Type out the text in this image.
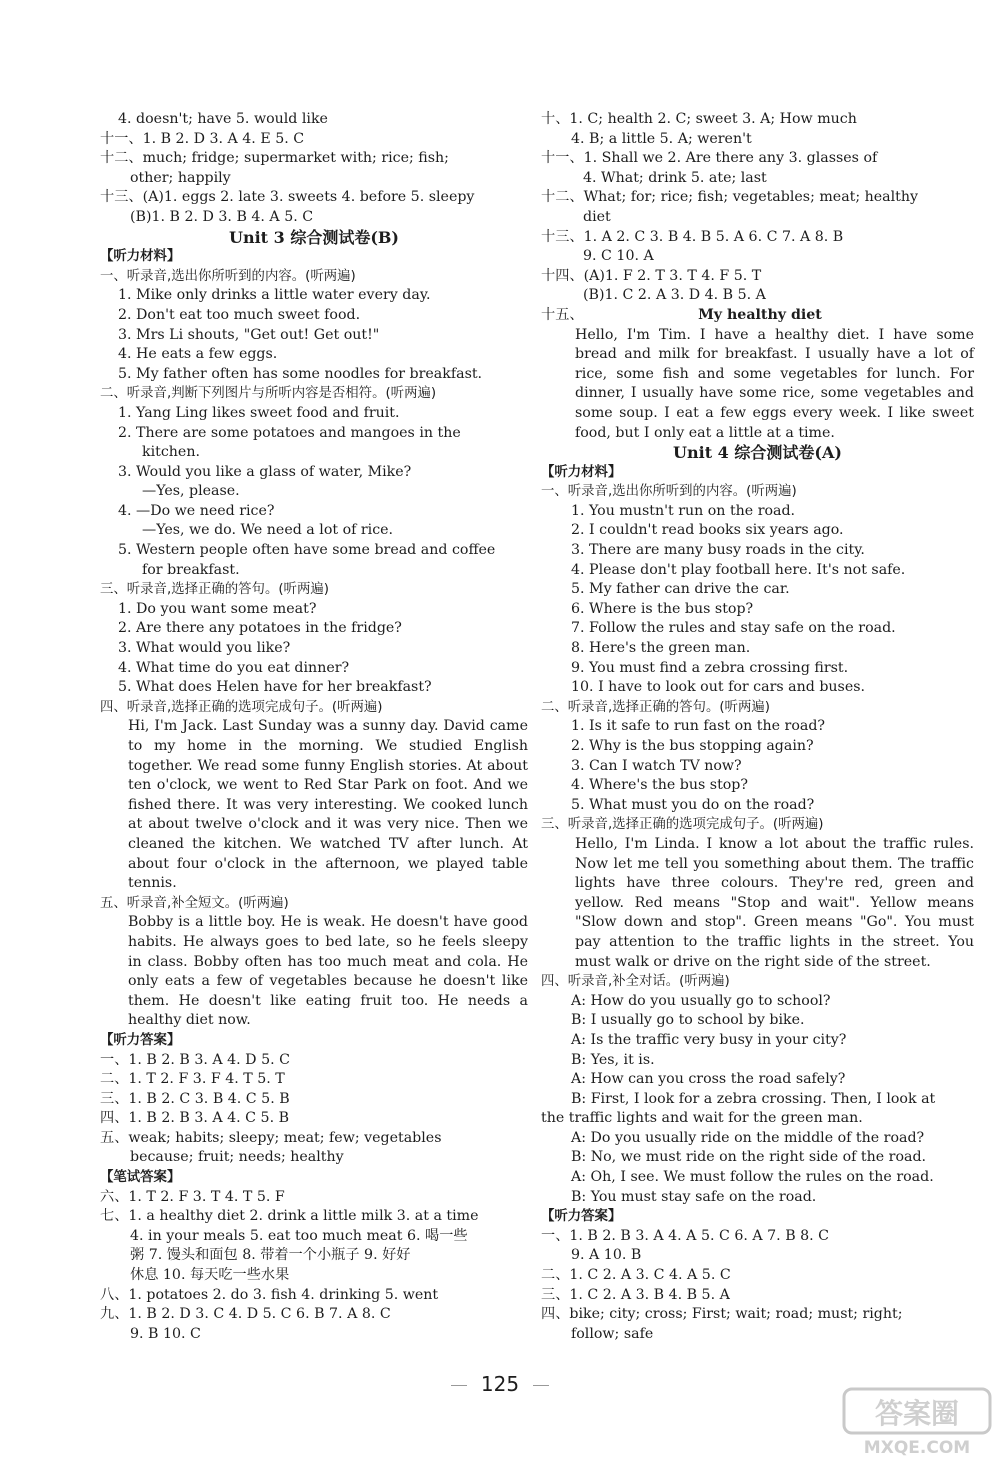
4. doesn't; have 5. would like
十一、1. B 2. D 3. A 4. E 5. C
十二、much; fridge; supermarket with; rice; fish;
other; happily
十三、(A)1. eggs 2. late 3. sweets 4. before 5. sleepy
(B)1. B 2. D 3. B 4. A 5. C
Unit 3 综合测试卷(B)
【听力材料】
一、听录音,选出你所听到的内容。(听两遍)
1. Mike only drinks a little water every day.
2. Don't eat too much sweet food.
3. Mrs Li shouts, "Get out! Get out!"
4. He eats a few eggs.
5. My father often has some noodles for breakfast.
二、听录音,判断下列图片与所听内容是否相符。(听两遍)
1. Yang Ling likes sweet food and fruit.
2. There are some potatoes and mangoes in the
kitchen.
3. Would you like a glass of water, Mike?
—Yes, please.
4. —Do we need rice?
—Yes, we do. We need a lot of rice.
5. Western people often have some bread and coffee
for breakfast.
三、听录音,选择正确的答句。(听两遍)
1. Do you want some meat?
2. Are there any potatoes in the fridge?
3. What would you like?
4. What time do you eat dinner?
5. What does Helen have for her breakfast?
四、听录音,选择正确的选项完成句子。(听两遍)
Hi, I'm Jack. Last Sunday was a sunny day. David came to my home in the morning. We studied English together. We read some funny English stories. At about ten o'clock, we went to Red Star Park on foot. And we fished there. It was very interesting. We cooked lunch at about twelve o'clock and it was very nice. Then we cleaned the kitchen. We watched TV after lunch. At about four o'clock in the afternoon, we played table tennis.
五、听录音,补全短文。(听两遍)
Bobby is a little boy. He is weak. He doesn't have good habits. He always goes to bed late, so he feels sleepy in class. Bobby often has too much meat and cola. He only eats a few of vegetables because he doesn't like them. He doesn't like eating fruit too. He needs a healthy diet now.
【听力答案】
一、1. B 2. B 3. A 4. D 5. C
二、1. T 2. F 3. F 4. T 5. T
三、1. B 2. C 3. B 4. C 5. B
四、1. B 2. B 3. A 4. C 5. B
五、weak; habits; sleepy; meat; few; vegetables
because; fruit; needs; healthy
【笔试答案】
六、1. T 2. F 3. T 4. T 5. F
七、1. a healthy diet 2. drink a little milk 3. at a time
4. in your meals 5. eat too much meat 6. 喝一些
粥 7. 馒头和面包 8. 带着一个小瓶子 9. 好好
休息 10. 每天吃一些水果
八、1. potatoes 2. do 3. fish 4. drinking 5. went
九、1. B 2. D 3. C 4. D 5. C 6. B 7. A 8. C
9. B 10. C
十、1. C; health 2. C; sweet 3. A; How much
4. B; a little 5. A; weren't
十一、1. Shall we 2. Are there any 3. glasses of
4. What; drink 5. ate; last
十二、What; for; rice; fish; vegetables; meat; healthy
diet
十三、1. A 2. C 3. B 4. B 5. A 6. C 7. A 8. B
9. C 10. A
十四、(A)1. F 2. T 3. T 4. F 5. T
(B)1. C 2. A 3. D 4. B 5. A
十五、	My healthy diet
Hello, I'm Tim. I have a healthy diet. I have some bread and milk for breakfast. I usually have a lot of rice, some fish and some vegetables for lunch. For dinner, I usually have some rice, some vegetables and some soup. I eat a few eggs every week. I like sweet food, but I only eat a little at a time.
Unit 4 综合测试卷(A)
【听力材料】
一、听录音,选出你所听到的内容。(听两遍)
1. You mustn't run on the road.
2. I couldn't read books six years ago.
3. There are many busy roads in the city.
4. Please don't play football here. It's not safe.
5. My father can drive the car.
6. Where is the bus stop?
7. Follow the rules and stay safe on the road.
8. Here's the green man.
9. You must find a zebra crossing first.
10. I have to look out for cars and buses.
二、听录音,选择正确的答句。(听两遍)
1. Is it safe to run fast on the road?
2. Why is the bus stopping again?
3. Can I watch TV now?
4. Where's the bus stop?
5. What must you do on the road?
三、听录音,选择正确的选项完成句子。(听两遍)
Hello, I'm Linda. I know a lot about the traffic rules. Now let me tell you something about them. The traffic lights have three colours. They're red, green and yellow. Red means "Stop and wait". Yellow means "Slow down and stop". Green means "Go". You must pay attention to the traffic lights in the street. You must walk or drive on the right side of the street.
四、听录音,补全对话。(听两遍)
A: How do you usually go to school?
B: I usually go to school by bike.
A: Is the traffic very busy in your city?
B: Yes, it is.
A: How can you cross the road safely?
B: First, I look for a zebra crossing. Then, I look at
the traffic lights and wait for the green man.
A: Do you usually ride on the middle of the road?
B: No, we must ride on the right side of the road.
A: Oh, I see. We must follow the rules on the road.
B: You must stay safe on the road.
【听力答案】
一、1. B 2. B 3. A 4. A 5. C 6. A 7. B 8. C
9. A 10. B
二、1. C 2. A 3. C 4. A 5. C
三、1. C 2. A 3. B 4. B 5. A
四、bike; city; cross; First; wait; road; must; right;
follow; safe
125
答案圈
MXQE.COM
